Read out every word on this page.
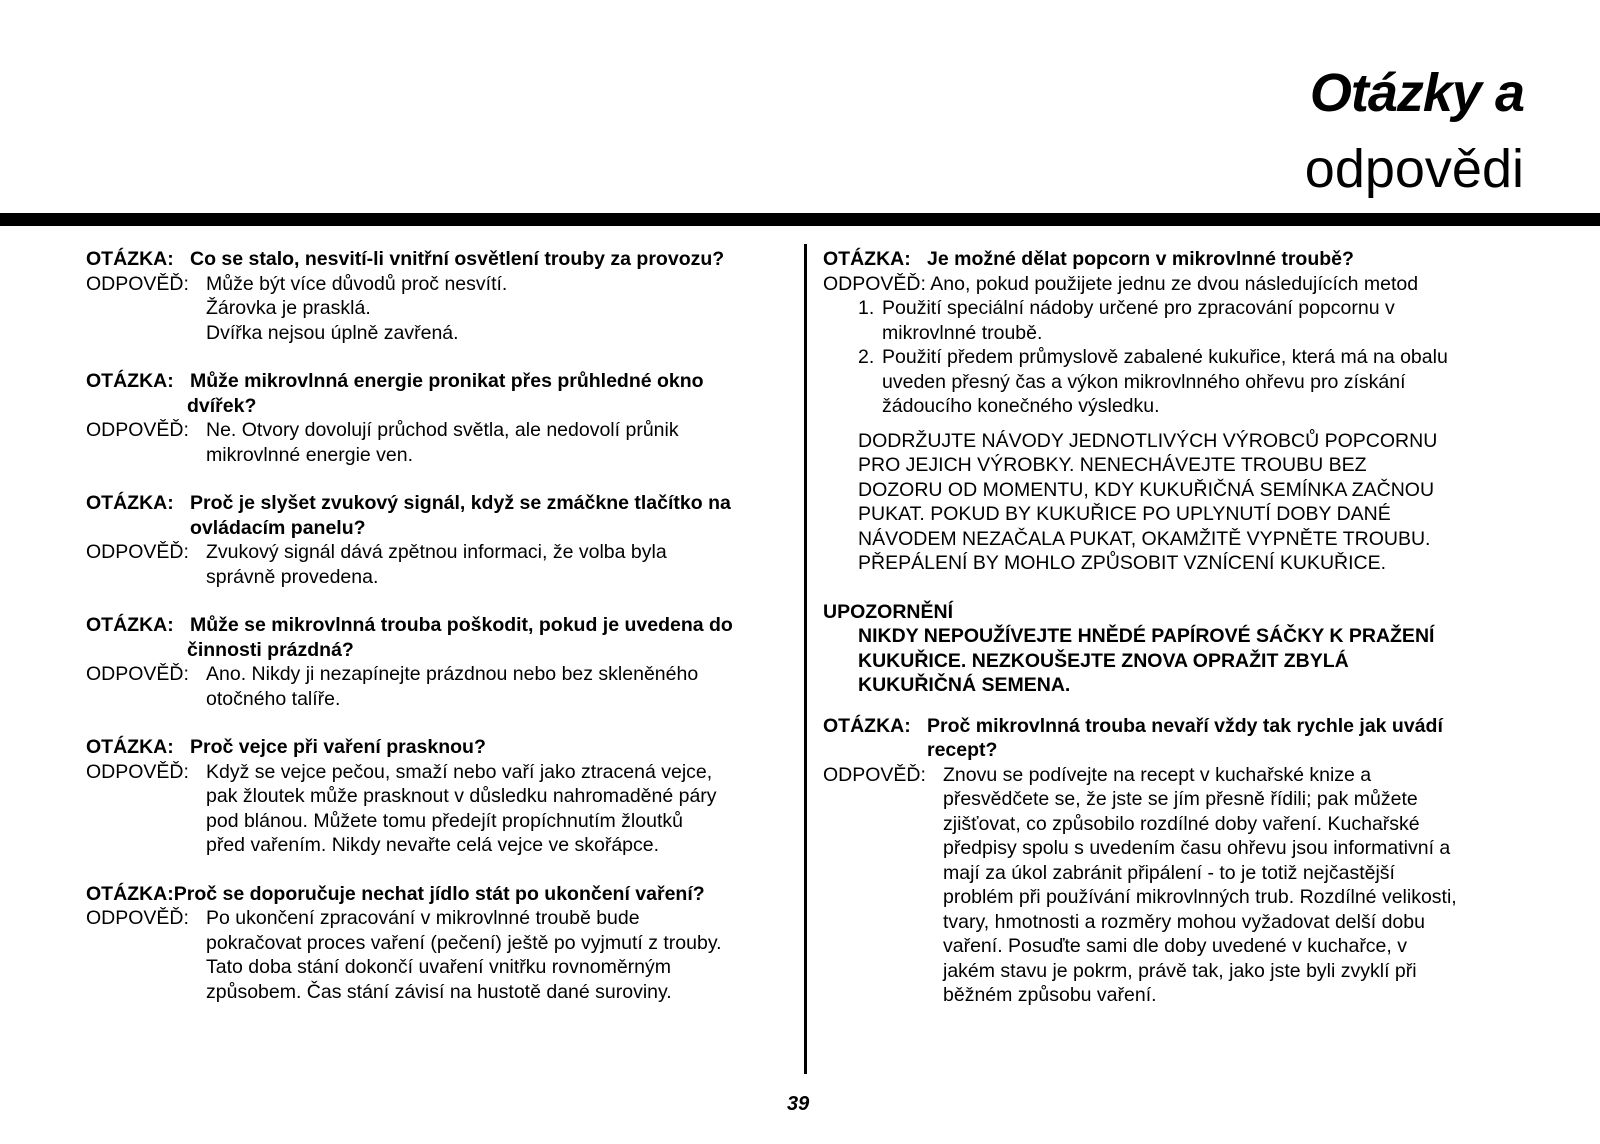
Otázky a
odpovědi
OTÁZKA: Co se stalo, nesvití-li vnitřní osvětlení trouby za provozu?
ODPOVĚĎ: Může být více důvodů proč nesvítí.
Žárovka je prasklá.
Dvířka nejsou úplně zavřená.
OTÁZKA: Může mikrovlnná energie pronikat přes průhledné okno
dvířek?
ODPOVĚĎ: Ne. Otvory dovolují průchod světla, ale nedovolí průnik
mikrovlnné energie ven.
OTÁZKA: Proč je slyšet zvukový signál, když se zmáčkne tlačítko na
ovládacím panelu?
ODPOVĚĎ: Zvukový signál dává zpětnou informaci, že volba byla
správně provedena.
OTÁZKA: Může se mikrovlnná trouba poškodit, pokud je uvedena do
činnosti prázdná?
ODPOVĚĎ: Ano. Nikdy ji nezapínejte prázdnou nebo bez skleněného
otočného talíře.
OTÁZKA: Proč vejce při vaření prasknou?
ODPOVĚĎ: Když se vejce pečou, smaží nebo vaří jako ztracená vejce,
pak žloutek může prasknout v důsledku nahromaděné páry
pod blánou. Můžete tomu předejít propíchnutím žloutků
před vařením. Nikdy nevařte celá vejce ve skořápce.
OTÁZKA:Proč se doporučuje nechat jídlo stát po ukončení vaření?
ODPOVĚĎ: Po ukončení zpracování v mikrovlnné troubě bude
pokračovat proces vaření (pečení) ještě po vyjmutí z trouby.
Tato doba stání dokončí uvaření vnitřku rovnoměrným
způsobem. Čas stání závisí na hustotě dané suroviny.
OTÁZKA: Je možné dělat popcorn v mikrovlnné troubě?
ODPOVĚĎ: Ano, pokud použijete jednu ze dvou následujících metod
1. Použití speciální nádoby určené pro zpracování popcornu v
mikrovlnné troubě.
2. Použití předem průmyslově zabalené kukuřice, která má na obalu
uveden přesný čas a výkon mikrovlnného ohřevu pro získání
žádoucího konečného výsledku.
DODRŽUJTE NÁVODY JEDNOTLIVÝCH VÝROBCŮ POPCORNU
PRO JEJICH VÝROBKY. NENECHÁVEJTE TROUBU BEZ
DOZORU OD MOMENTU, KDY KUKUŘIČNÁ SEMÍNKA ZAČNOU
PUKAT. POKUD BY KUKUŘICE PO UPLYNUTÍ DOBY DANÉ
NÁVODEM NEZAČALA PUKAT, OKAMŽITĚ VYPNĚTE TROUBU.
PŘEPÁLENÍ BY MOHLO ZPŮSOBIT VZNÍCENÍ KUKUŘICE.
UPOZORNĚNÍ
NIKDY NEPOUŽÍVEJTE HNĚDÉ PAPÍROVÉ SÁČKY K PRAŽENÍ
KUKUŘICE. NEZKOUŠEJTE ZNOVA OPRAŽIT ZBYLÁ
KUKUŘIČNÁ SEMENA.
OTÁZKA: Proč mikrovlnná trouba nevaří vždy tak rychle jak uvádí
recept?
ODPOVĚĎ: Znovu se podívejte na recept v kuchařské knize a
přesvědčete se, že jste se jím přesně řídili; pak můžete
zjišťovat, co způsobilo rozdílné doby vaření. Kuchařské
předpisy spolu s uvedením času ohřevu jsou informativní a
mají za úkol zabránit připálení - to je totiž nejčastější
problém při používání mikrovlnných trub. Rozdílné velikosti,
tvary, hmotnosti a rozměry mohou vyžadovat delší dobu
vaření. Posuďte sami dle doby uvedené v kuchařce, v
jakém stavu je pokrm, právě tak, jako jste byli zvyklí při
běžném způsobu vaření.
39
